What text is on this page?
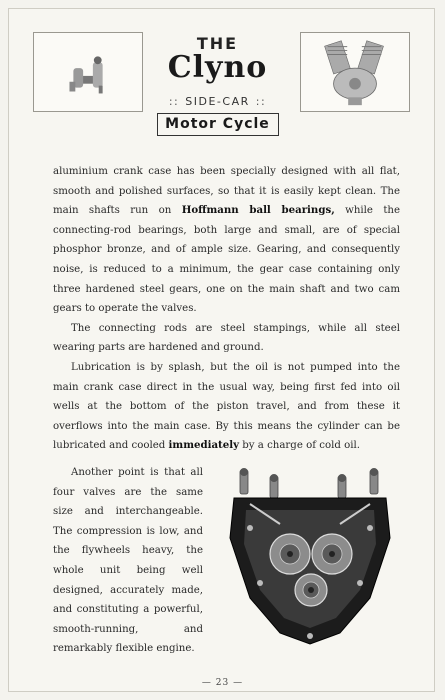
THE
Clyno
:: SIDE-CAR ::
Motor Cycle

aluminium crank case has been specially designed with all flat, smooth and polished surfaces, so that it is easily kept clean. The main shafts run on Hoffmann ball bearings, while the connecting-rod bearings, both large and small, are of special phosphor bronze, and of ample size. Gearing, and consequently noise, is reduced to a minimum, the gear case containing only three hardened steel gears, one on the main shaft and two cam gears to operate the valves.

The connecting rods are steel stampings, while all steel wearing parts are hardened and ground.

Lubrication is by splash, but the oil is not pumped into the main crank case direct in the usual way, being first fed into oil wells at the bottom of the piston travel, and from these it overflows into the main case. By this means the cylinder can be lubricated and cooled immediately by a charge of cold oil.

Another point is that all four valves are the same size and interchangeable. The compression is low, and the flywheels heavy, the whole unit being well designed, accurately made, and constituting a powerful, smooth-running, and remarkably flexible engine.

— 23 —
